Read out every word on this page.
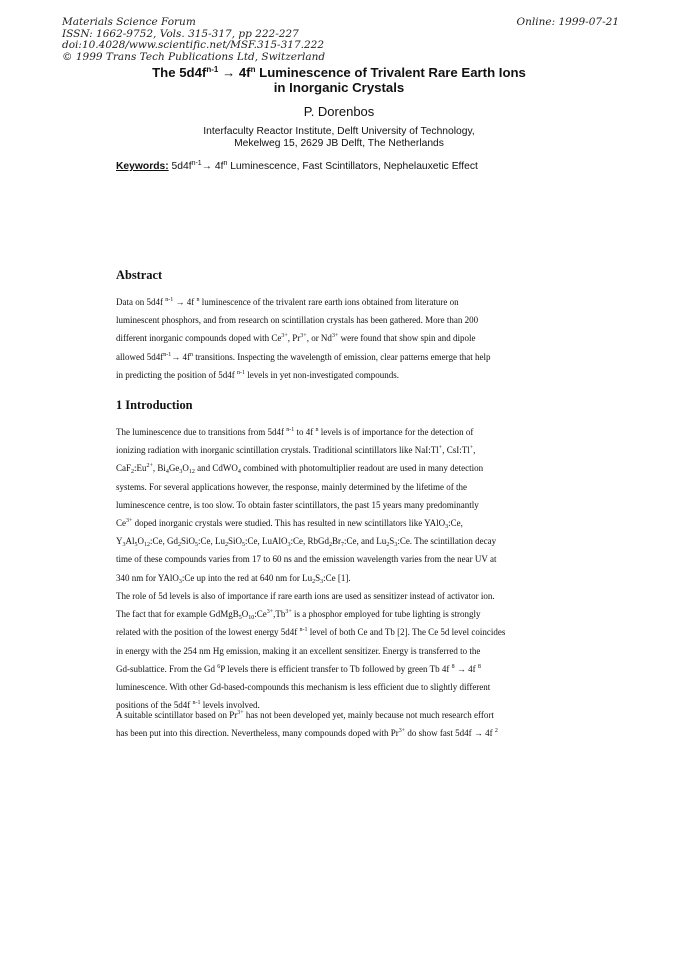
Materials Science Forum
ISSN: 1662-9752, Vols. 315-317, pp 222-227
doi:10.4028/www.scientific.net/MSF.315-317.222
© 1999 Trans Tech Publications Ltd, Switzerland
Online: 1999-07-21
The $5d4f^{n-1} \to 4f^n$ Luminescence of Trivalent Rare Earth Ions
in Inorganic Crystals
P. Dorenbos
Interfaculty Reactor Institute, Delft University of Technology,
Mekelweg 15, 2629 JB Delft, The Netherlands
Keywords: $5d4f^{n-1}\to 4f^n$ Luminescence, Fast Scintillators, Nephelauxetic Effect
Abstract
Data on 5d4f $^{n-1}$ → 4f $^n$ luminescence of the trivalent rare earth ions obtained from literature on
luminescent phosphors, and from research on scintillation crystals has been gathered. More than 200
different inorganic compounds doped with $Ce^{3+}$, $Pr^{3+}$, or $Nd^{3+}$ were found that show spin and dipole
allowed $5d4f^{n-1}\to 4f^n$ transitions. Inspecting the wavelength of emission, clear patterns emerge that help
in predicting the position of 5d4f $^{n-1}$ levels in yet non-investigated compounds.
1 Introduction
The luminescence due to transitions from 5d4f $^{n-1}$ to 4f $^n$ levels is of importance for the detection of
ionizing radiation with inorganic scintillation crystals. Traditional scintillators like NaI:Tl+, CsI:Tl+,
$CaF_2:Eu^{2+}$, $Bi_4Ge_3O_{12}$ and CdWO$_4$ combined with photomultiplier readout are used in many detection
systems. For several applications however, the response, mainly determined by the lifetime of the
luminescence centre, is too slow. To obtain faster scintillators, the past 15 years many predominantly
$Ce^{3+}$ doped inorganic crystals were studied. This has resulted in new scintillators like YAlO$_3$:Ce,
$Y_3Al_5O_{12}:Ce$, $Gd_2SiO_5:Ce$, $Lu_2SiO_5:Ce$, LuAlO$_3$:Ce, $RbGd_2Br_7:Ce$, and $Lu_2S_3:Ce$. The scintillation decay
time of these compounds varies from 17 to 60 ns and the emission wavelength varies from the near UV at
340 nm for YAlO$_3$:Ce up into the red at 640 nm for $Lu_2S_3:Ce$ [1].
The role of 5d levels is also of importance if rare earth ions are used as sensitizer instead of activator ion.
The fact that for example $GdMgB_5O_{10}:Ce^{3+},Tb^{3+}$ is a phosphor employed for tube lighting is strongly
related with the position of the lowest energy 5d4f $^{n-1}$ level of both Ce and Tb [2]. The Ce 5d level coincides
in energy with the 254 nm Hg emission, making it an excellent sensitizer. Energy is transferred to the
Gd-sublattice. From the Gd $^6$P levels there is efficient transfer to Tb followed by green Tb 4f $^8$ → 4f $^8$
luminescence. With other Gd-based-compounds this mechanism is less efficient due to slightly different
positions of the 5d4f $^{n-1}$ levels involved.
A suitable scintillator based on $Pr^{3+}$ has not been developed yet, mainly because not much research effort
has been put into this direction. Nevertheless, many compounds doped with $Pr^{3+}$ do show fast 5d4f → 4f $^2$
